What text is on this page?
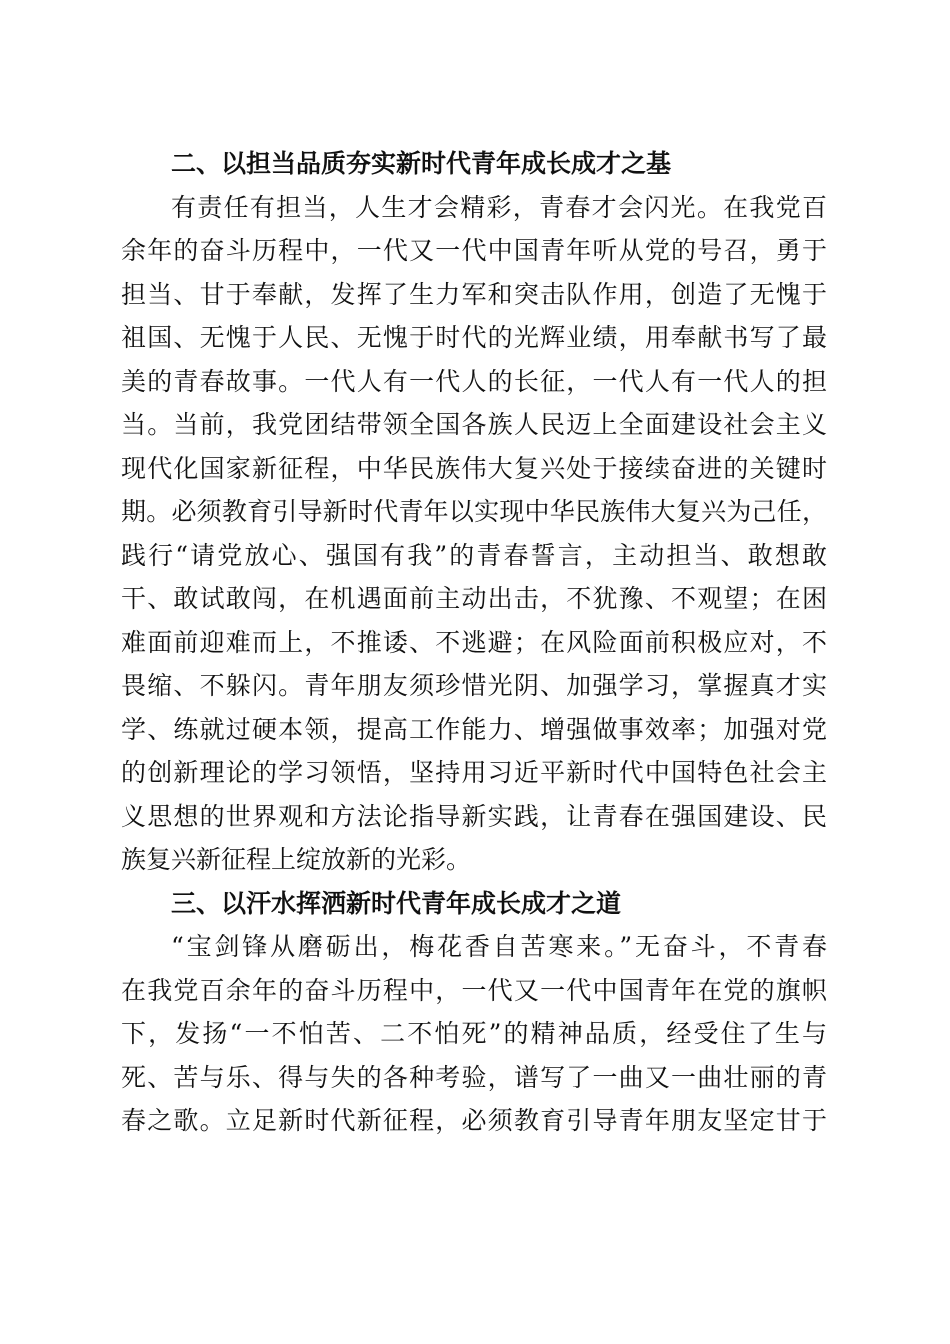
二、以担当品质夯实新时代青年成长成才之基
有责任有担当，人生才会精彩，青春才会闪光。在我党百
余年的奋斗历程中，一代又一代中国青年听从党的号召，勇于
担当、甘于奉献，发挥了生力军和突击队作用，创造了无愧于
祖国、无愧于人民、无愧于时代的光辉业绩，用奉献书写了最
美的青春故事。一代人有一代人的长征，一代人有一代人的担
当。当前，我党团结带领全国各族人民迈上全面建设社会主义
现代化国家新征程，中华民族伟大复兴处于接续奋进的关键时
期。必须教育引导新时代青年以实现中华民族伟大复兴为己任，
践行“请党放心、强国有我”的青春誓言，主动担当、敢想敢
干、敢试敢闯，在机遇面前主动出击，不犹豫、不观望；在困
难面前迎难而上，不推诿、不逃避；在风险面前积极应对，不
畏缩、不躲闪。青年朋友须珍惜光阴、加强学习，掌握真才实
学、练就过硬本领，提高工作能力、增强做事效率；加强对党
的创新理论的学习领悟，坚持用习近平新时代中国特色社会主
义思想的世界观和方法论指导新实践，让青春在强国建设、民
族复兴新征程上绽放新的光彩。
三、以汗水挥洒新时代青年成长成才之道
“宝剑锋从磨砺出，梅花香自苦寒来。”无奋斗，不青春
在我党百余年的奋斗历程中，一代又一代中国青年在党的旗帜
下，发扬“一不怕苦、二不怕死”的精神品质，经受住了生与
死、苦与乐、得与失的各种考验，谱写了一曲又一曲壮丽的青
春之歌。立足新时代新征程，必须教育引导青年朋友坚定甘于
